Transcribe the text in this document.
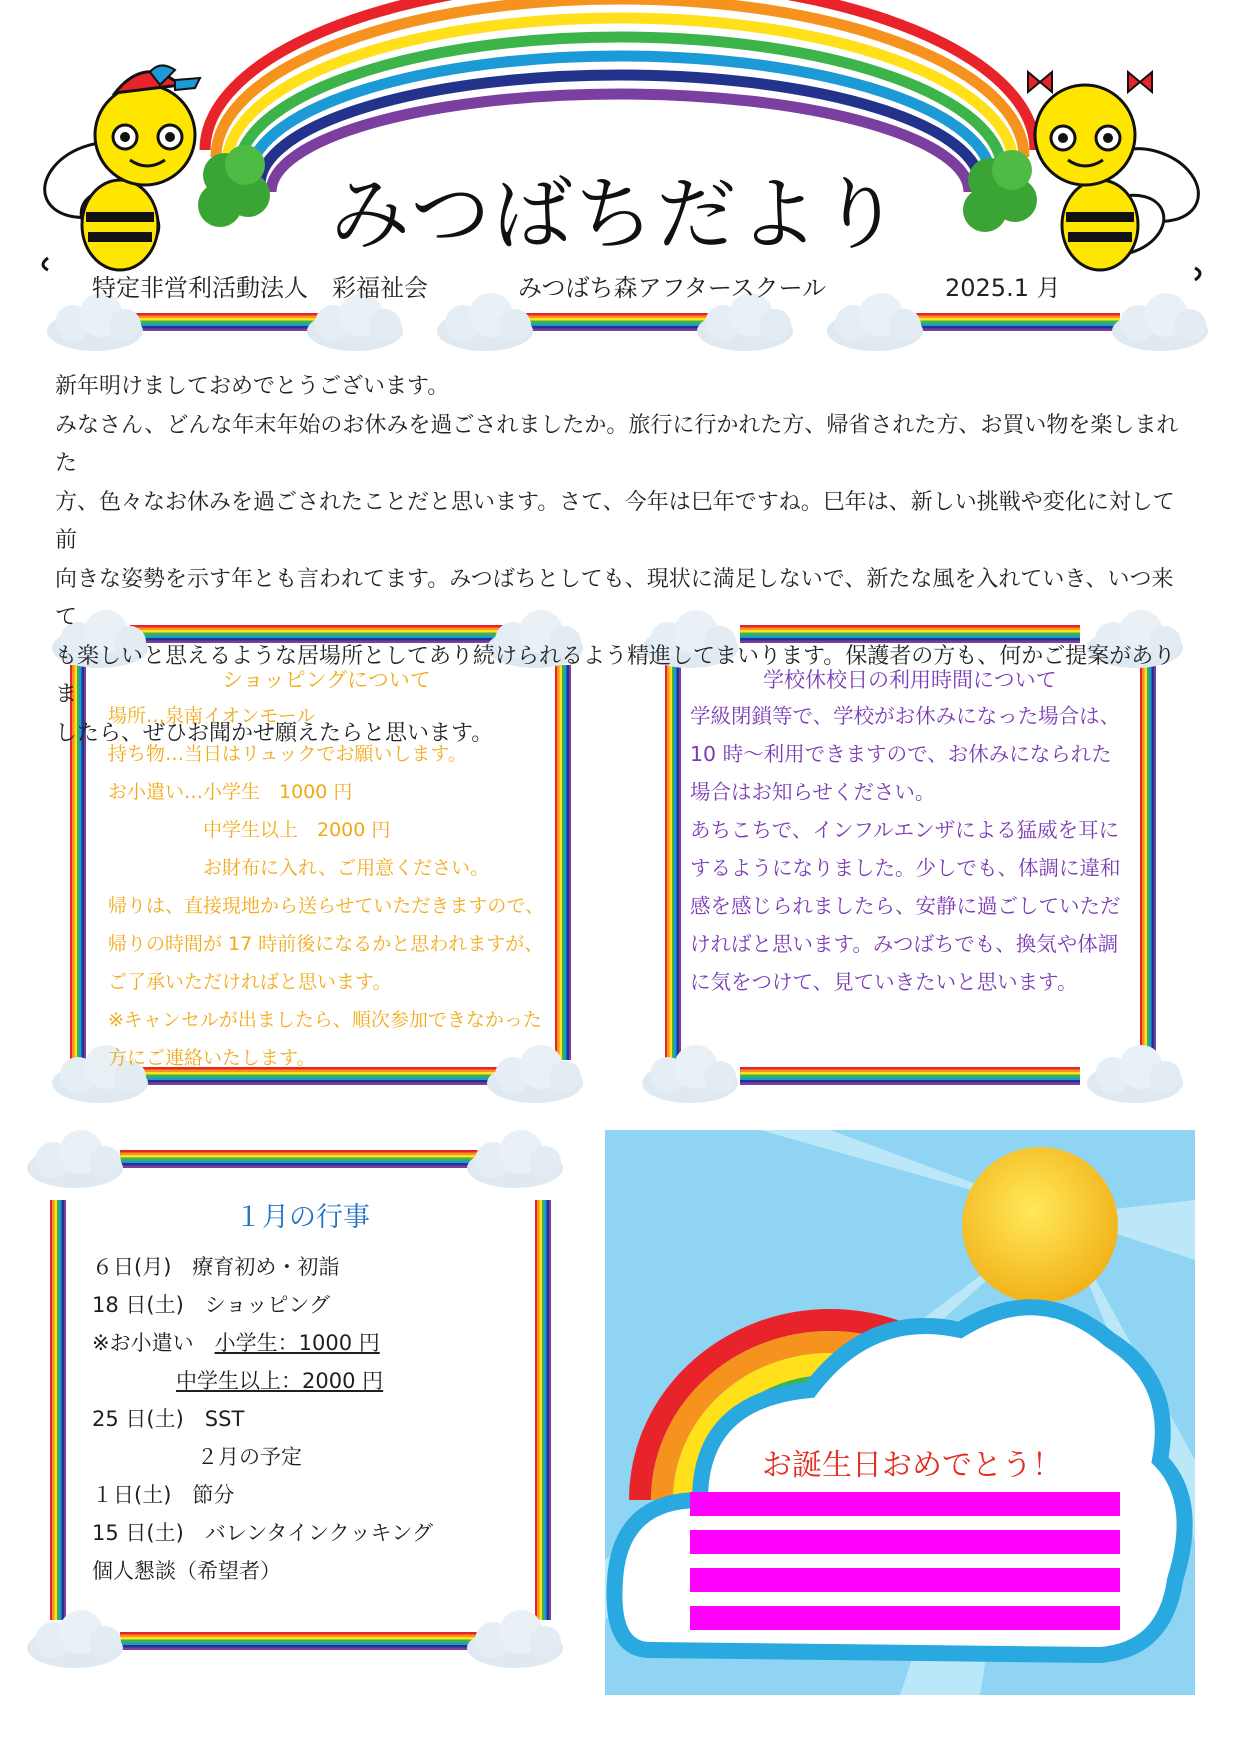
みつばちだより
特定非営利活動法人　彩福祉会	みつばち森アフタースクール	2025.1 月

新年明けましておめでとうございます。

みなさん、どんな年末年始のお休みを過ごされましたか。旅行に行かれた方、帰省された方、お買い物を楽しまれた

方、色々なお休みを過ごされたことだと思います。さて、今年は巳年ですね。巳年は、新しい挑戦や変化に対して前

向きな姿勢を示す年とも言われてます。みつばちとしても、現状に満足しないで、新たな風を入れていき、いつ来て

も楽しいと思えるような居場所としてあり続けられるよう精進してまいります。保護者の方も、何かご提案がありま

したら、ぜひお聞かせ願えたらと思います。

ショッピングについて

場所…泉南イオンモール

持ち物…当日はリュックでお願いします。

お小遣い…小学生　1000 円

　　　　　中学生以上　2000 円

　　　　　お財布に入れ、ご用意ください。

帰りは、直接現地から送らせていただきますので、

帰りの時間が 17 時前後になるかと思われますが、

ご了承いただければと思います。

※キャンセルが出ましたら、順次参加できなかった

方にご連絡いたします。

学校休校日の利用時間について

学級閉鎖等で、学校がお休みになった場合は、

10 時～利用できますので、お休みになられた

場合はお知らせください。

あちこちで、インフルエンザによる猛威を耳に

するようになりました。少しでも、体調に違和

感を感じられましたら、安静に過ごしていただ

ければと思います。みつばちでも、換気や体調

に気をつけて、見ていきたいと思います。

１月の行事

６日(月)　療育初め・初詣

18 日(土)　ショッピング

※お小遣い　小学生：1000 円

中学生以上：2000 円

25 日(土)　SST

２月の予定

１日(土)　節分

15 日(土)　バレンタインクッキング

個人懇談（希望者）

お誕生日おめでとう！
